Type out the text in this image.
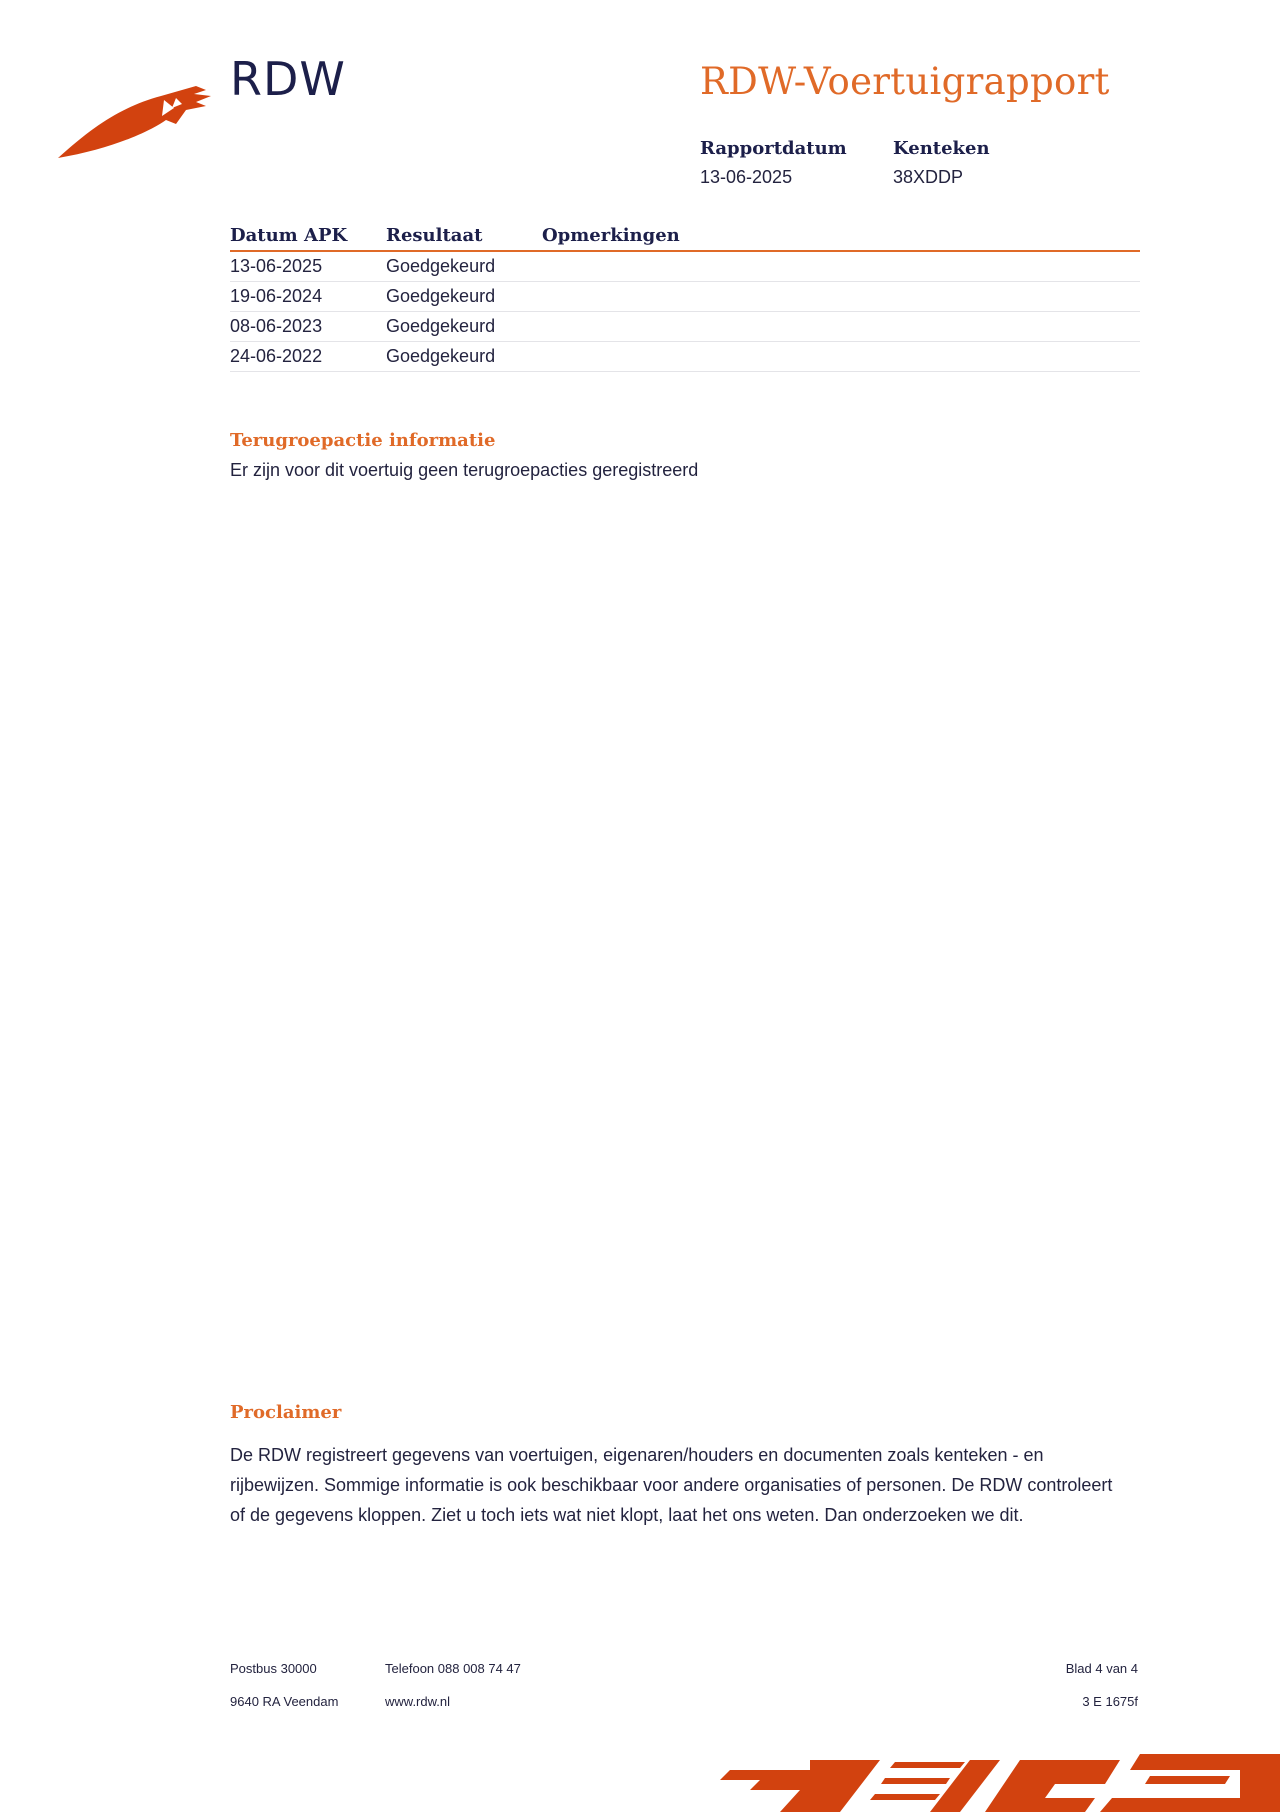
RDW	RDW-Voertuigrapport
Rapportdatum
13-06-2025
Kenteken
38XDDP
Datum APK	Resultaat	Opmerkingen
13-06-2025	Goedgekeurd	
19-06-2024	Goedgekeurd	
08-06-2023	Goedgekeurd	
24-06-2022	Goedgekeurd	
Terugroepactie informatie
Er zijn voor dit voertuig geen terugroepacties geregistreerd
Proclaimer
De RDW registreert gegevens van voertuigen, eigenaren/houders en documenten zoals kenteken - en rijbewijzen. Sommige informatie is ook beschikbaar voor andere organisaties of personen. De RDW controleert of de gegevens kloppen. Ziet u toch iets wat niet klopt, laat het ons weten. Dan onderzoeken we dit.
Postbus 30000
9640 RA Veendam
Telefoon 088 008 74 47
www.rdw.nl
Blad 4 van 4
3 E 1675f
